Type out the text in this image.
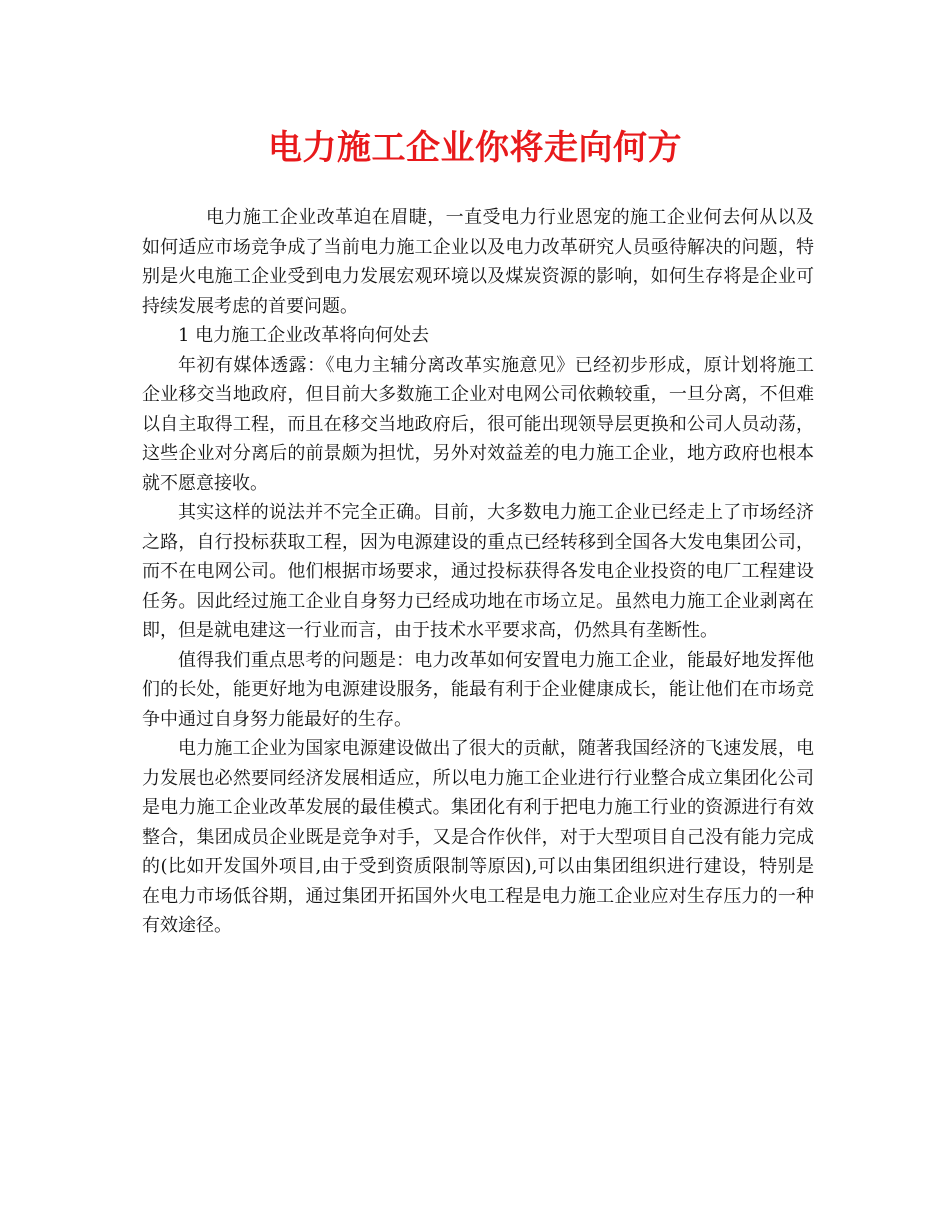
电力施工企业你将走向何方

电力施工企业改革迫在眉睫，一直受电力行业恩宠的施工企业何去何从以及如何适应市场竞争成了当前电力施工企业以及电力改革研究人员亟待解决的问题，特别是火电施工企业受到电力发展宏观环境以及煤炭资源的影响，如何生存将是企业可持续发展考虑的首要问题。

1 电力施工企业改革将向何处去

年初有媒体透露：《电力主辅分离改革实施意见》已经初步形成，原计划将施工企业移交当地政府，但目前大多数施工企业对电网公司依赖较重，一旦分离，不但难以自主取得工程，而且在移交当地政府后，很可能出现领导层更换和公司人员动荡，这些企业对分离后的前景颇为担忧，另外对效益差的电力施工企业，地方政府也根本就不愿意接收。

其实这样的说法并不完全正确。目前，大多数电力施工企业已经走上了市场经济之路，自行投标获取工程，因为电源建设的重点已经转移到全国各大发电集团公司，而不在电网公司。他们根据市场要求，通过投标获得各发电企业投资的电厂工程建设任务。因此经过施工企业自身努力已经成功地在市场立足。虽然电力施工企业剥离在即，但是就电建这一行业而言，由于技术水平要求高，仍然具有垄断性。

值得我们重点思考的问题是：电力改革如何安置电力施工企业，能最好地发挥他们的长处，能更好地为电源建设服务，能最有利于企业健康成长，能让他们在市场竞争中通过自身努力能最好的生存。

电力施工企业为国家电源建设做出了很大的贡献，随著我国经济的飞速发展，电力发展也必然要同经济发展相适应，所以电力施工企业进行行业整合成立集团化公司是电力施工企业改革发展的最佳模式。集团化有利于把电力施工行业的资源进行有效整合，集团成员企业既是竞争对手，又是合作伙伴，对于大型项目自己没有能力完成的(比如开发国外项目,由于受到资质限制等原因),可以由集团组织进行建设，特别是在电力市场低谷期，通过集团开拓国外火电工程是电力施工企业应对生存压力的一种有效途径。
